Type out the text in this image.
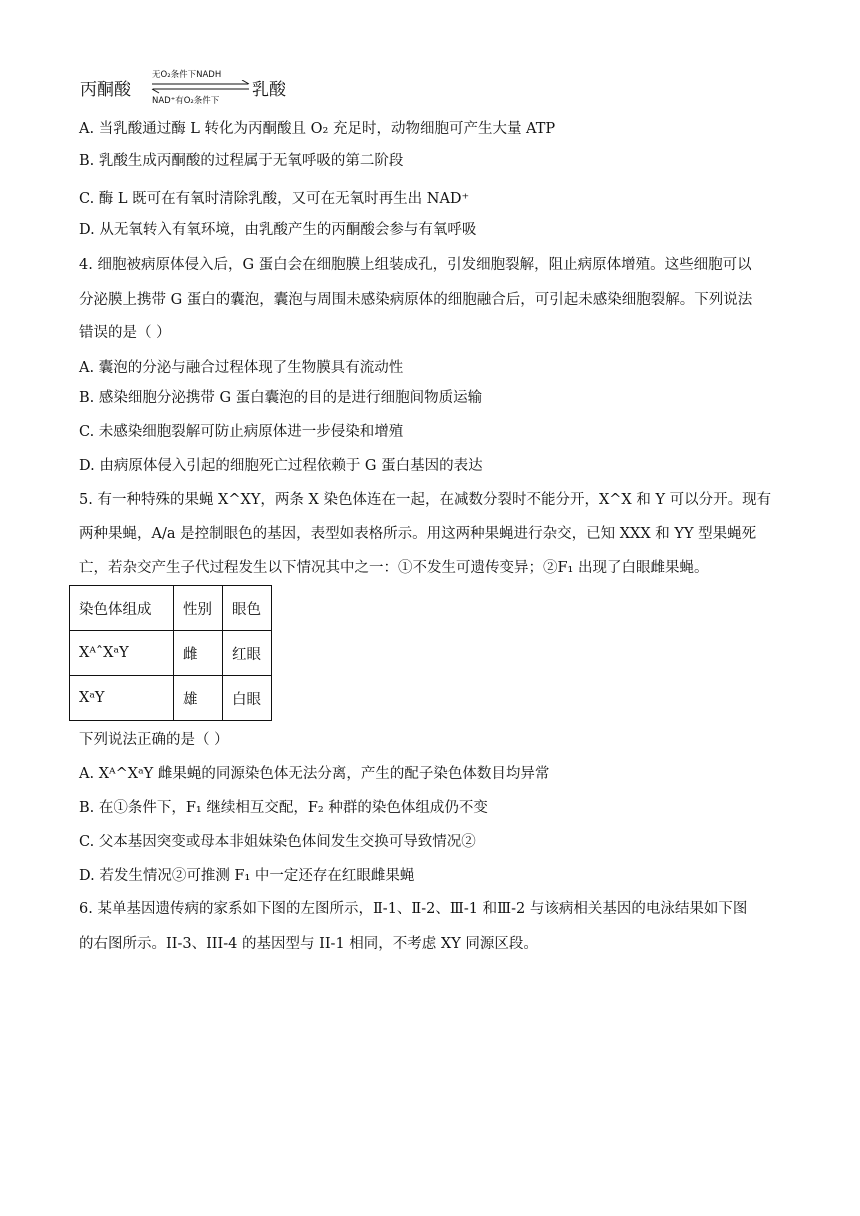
丙酮酸
无O₂条件下NADH
NAD⁺有O₂条件下
乳酸
A. 当乳酸通过酶 L 转化为丙酮酸且 O₂ 充足时，动物细胞可产生大量 ATP
B. 乳酸生成丙酮酸的过程属于无氧呼吸的第二阶段
C. 酶 L 既可在有氧时清除乳酸，又可在无氧时再生出 NAD⁺
D. 从无氧转入有氧环境，由乳酸产生的丙酮酸会参与有氧呼吸
4. 细胞被病原体侵入后，G 蛋白会在细胞膜上组装成孔，引发细胞裂解，阻止病原体增殖。这些细胞可以
分泌膜上携带 G 蛋白的囊泡，囊泡与周围未感染病原体的细胞融合后，可引起未感染细胞裂解。下列说法
错误的是（ ）
A. 囊泡的分泌与融合过程体现了生物膜具有流动性
B. 感染细胞分泌携带 G 蛋白囊泡的目的是进行细胞间物质运输
C. 未感染细胞裂解可防止病原体进一步侵染和增殖
D. 由病原体侵入引起的细胞死亡过程依赖于 G 蛋白基因的表达
5. 有一种特殊的果蝇 X^XY，两条 X 染色体连在一起，在减数分裂时不能分开，X^X 和 Y 可以分开。现有
两种果蝇，A/a 是控制眼色的基因，表型如表格所示。用这两种果蝇进行杂交，已知 XXX 和 YY 型果蝇死
亡，若杂交产生子代过程发生以下情况其中之一：①不发生可遗传变异；②F₁ 出现了白眼雌果蝇。
染色体组成	性别	眼色
XᴬˆXᵃY	雌	红眼
XᵃY	雄	白眼
下列说法正确的是（ ）
A. Xᴬ^XᵃY 雌果蝇的同源染色体无法分离，产生的配子染色体数目均异常
B. 在①条件下，F₁ 继续相互交配，F₂ 种群的染色体组成仍不变
C. 父本基因突变或母本非姐妹染色体间发生交换可导致情况②
D. 若发生情况②可推测 F₁ 中一定还存在红眼雌果蝇
6. 某单基因遗传病的家系如下图的左图所示，Ⅱ-1、Ⅱ-2、Ⅲ-1 和Ⅲ-2 与该病相关基因的电泳结果如下图
的右图所示。II-3、III-4 的基因型与 II-1 相同，不考虑 XY 同源区段。
